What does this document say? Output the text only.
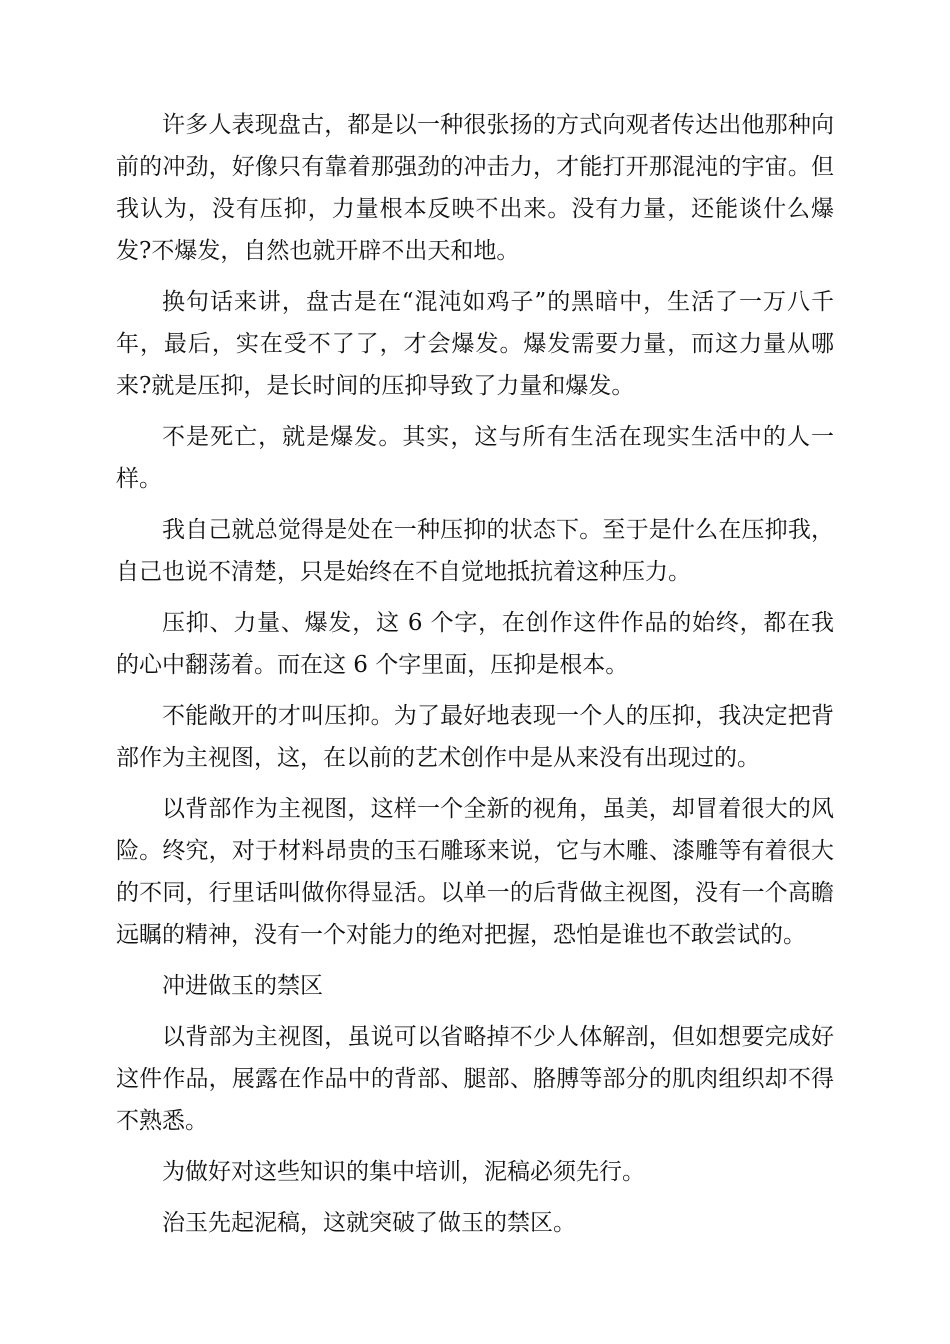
许多人表现盘古，都是以一种很张扬的方式向观者传达出他那种向前的冲劲，好像只有靠着那强劲的冲击力，才能打开那混沌的宇宙。但我认为，没有压抑，力量根本反映不出来。没有力量，还能谈什么爆发?不爆发，自然也就开辟不出天和地。

换句话来讲，盘古是在“混沌如鸡子”的黑暗中，生活了一万八千年，最后，实在受不了了，才会爆发。爆发需要力量，而这力量从哪来?就是压抑，是长时间的压抑导致了力量和爆发。

不是死亡，就是爆发。其实，这与所有生活在现实生活中的人一样。

我自己就总觉得是处在一种压抑的状态下。至于是什么在压抑我，自己也说不清楚，只是始终在不自觉地抵抗着这种压力。

压抑、力量、爆发，这 6 个字，在创作这件作品的始终，都在我的心中翻荡着。而在这 6 个字里面，压抑是根本。

不能敞开的才叫压抑。为了最好地表现一个人的压抑，我决定把背部作为主视图，这，在以前的艺术创作中是从来没有出现过的。

以背部作为主视图，这样一个全新的视角，虽美，却冒着很大的风险。终究，对于材料昂贵的玉石雕琢来说，它与木雕、漆雕等有着很大的不同，行里话叫做你得显活。以单一的后背做主视图，没有一个高瞻远瞩的精神，没有一个对能力的绝对把握，恐怕是谁也不敢尝试的。

冲进做玉的禁区

以背部为主视图，虽说可以省略掉不少人体解剖，但如想要完成好这件作品，展露在作品中的背部、腿部、胳膊等部分的肌肉组织却不得不熟悉。

为做好对这些知识的集中培训，泥稿必须先行。

治玉先起泥稿，这就突破了做玉的禁区。
